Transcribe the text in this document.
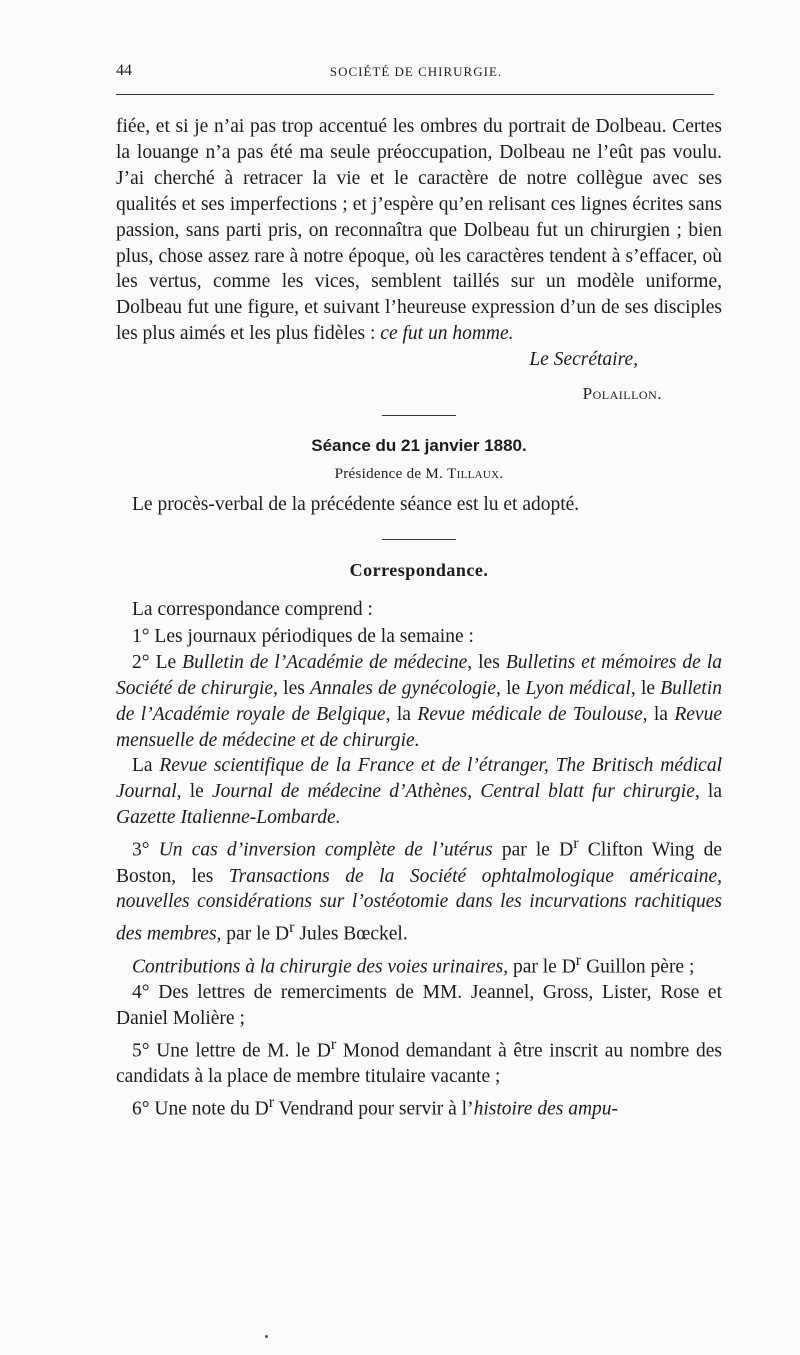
44	SOCIÉTÉ DE CHIRURGIE.

fiée, et si je n’ai pas trop accentué les ombres du portrait de Dolbeau. Certes la louange n’a pas été ma seule préoccupation, Dolbeau ne l’eût pas voulu. J’ai cherché à retracer la vie et le caractère de notre collègue avec ses qualités et ses imperfections ; et j’espère qu’en relisant ces lignes écrites sans passion, sans parti pris, on reconnaîtra que Dolbeau fut un chirurgien ; bien plus, chose assez rare à notre époque, où les caractères tendent à s’effacer, où les vertus, comme les vices, semblent taillés sur un modèle uniforme, Dolbeau fut une figure, et suivant l’heureuse expression d’un de ses disciples les plus aimés et les plus fidèles : ce fut un homme.

Le Secrétaire,

Polaillon.

Séance du 21 janvier 1880.

Présidence de M. Tillaux.

Le procès-verbal de la précédente séance est lu et adopté.

Correspondance.

La correspondance comprend :

1° Les journaux périodiques de la semaine :

2° Le Bulletin de l’Académie de médecine, les Bulletins et mémoires de la Société de chirurgie, les Annales de gynécologie, le Lyon médical, le Bulletin de l’Académie royale de Belgique, la Revue médicale de Toulouse, la Revue mensuelle de médecine et de chirurgie.

La Revue scientifique de la France et de l’étranger, The Britisch médical Journal, le Journal de médecine d’Athènes, Central blatt fur chirurgie, la Gazette Italienne-Lombarde.

3° Un cas d’inversion complète de l’utérus par le $D^r$ Clifton Wing de Boston, les Transactions de la Société ophtalmologique américaine, nouvelles considérations sur l’ostéotomie dans les incurvations rachitiques des membres, par le $D^r$ Jules Bœckel.

Contributions à la chirurgie des voies urinaires, par le $D^r$ Guillon père ;

4° Des lettres de remerciments de MM. Jeannel, Gross, Lister, Rose et Daniel Molière ;

5° Une lettre de M. le $D^r$ Monod demandant à être inscrit au nombre des candidats à la place de membre titulaire vacante ;

6° Une note du $D^r$ Vendrand pour servir à l’histoire des ampu-
